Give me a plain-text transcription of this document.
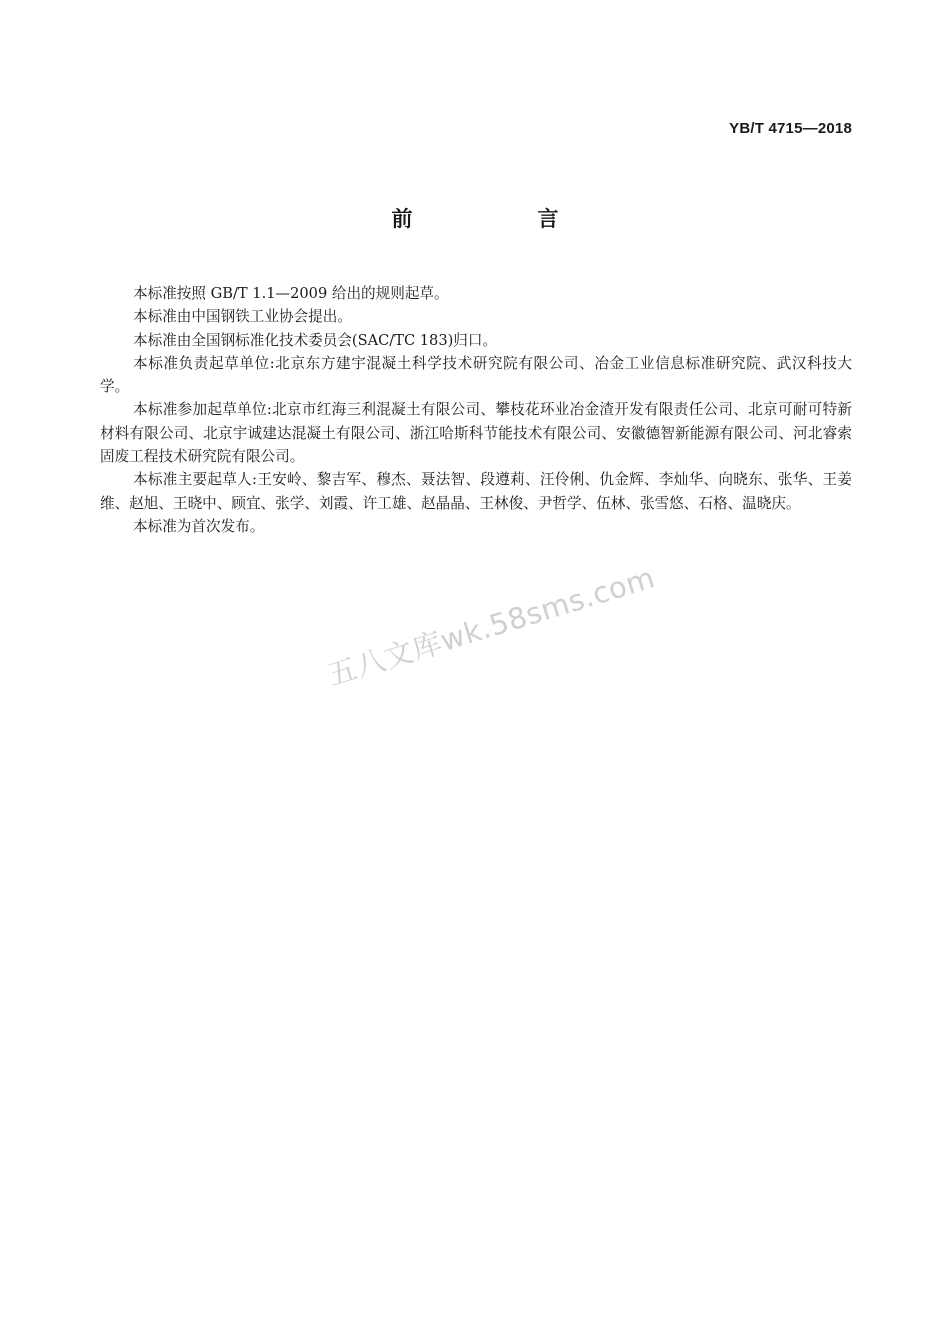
YB/T 4715—2018
前　言

本标准按照 GB/T 1.1—2009 给出的规则起草。

本标准由中国钢铁工业协会提出。

本标准由全国钢标准化技术委员会(SAC/TC 183)归口。

本标准负责起草单位:北京东方建宇混凝土科学技术研究院有限公司、冶金工业信息标准研究院、武汉科技大学。

本标准参加起草单位:北京市红海三利混凝土有限公司、攀枝花环业冶金渣开发有限责任公司、北京可耐可特新材料有限公司、北京宇诚建达混凝土有限公司、浙江哈斯科节能技术有限公司、安徽德智新能源有限公司、河北睿索固废工程技术研究院有限公司。

本标准主要起草人:王安岭、黎吉军、穆杰、聂法智、段遵莉、汪伶俐、仇金辉、李灿华、向晓东、张华、王姜维、赵旭、王晓中、顾宜、张学、刘霞、许工雄、赵晶晶、王林俊、尹哲学、伍林、张雪悠、石格、温晓庆。

本标准为首次发布。

五八文库wk.58sms.com
